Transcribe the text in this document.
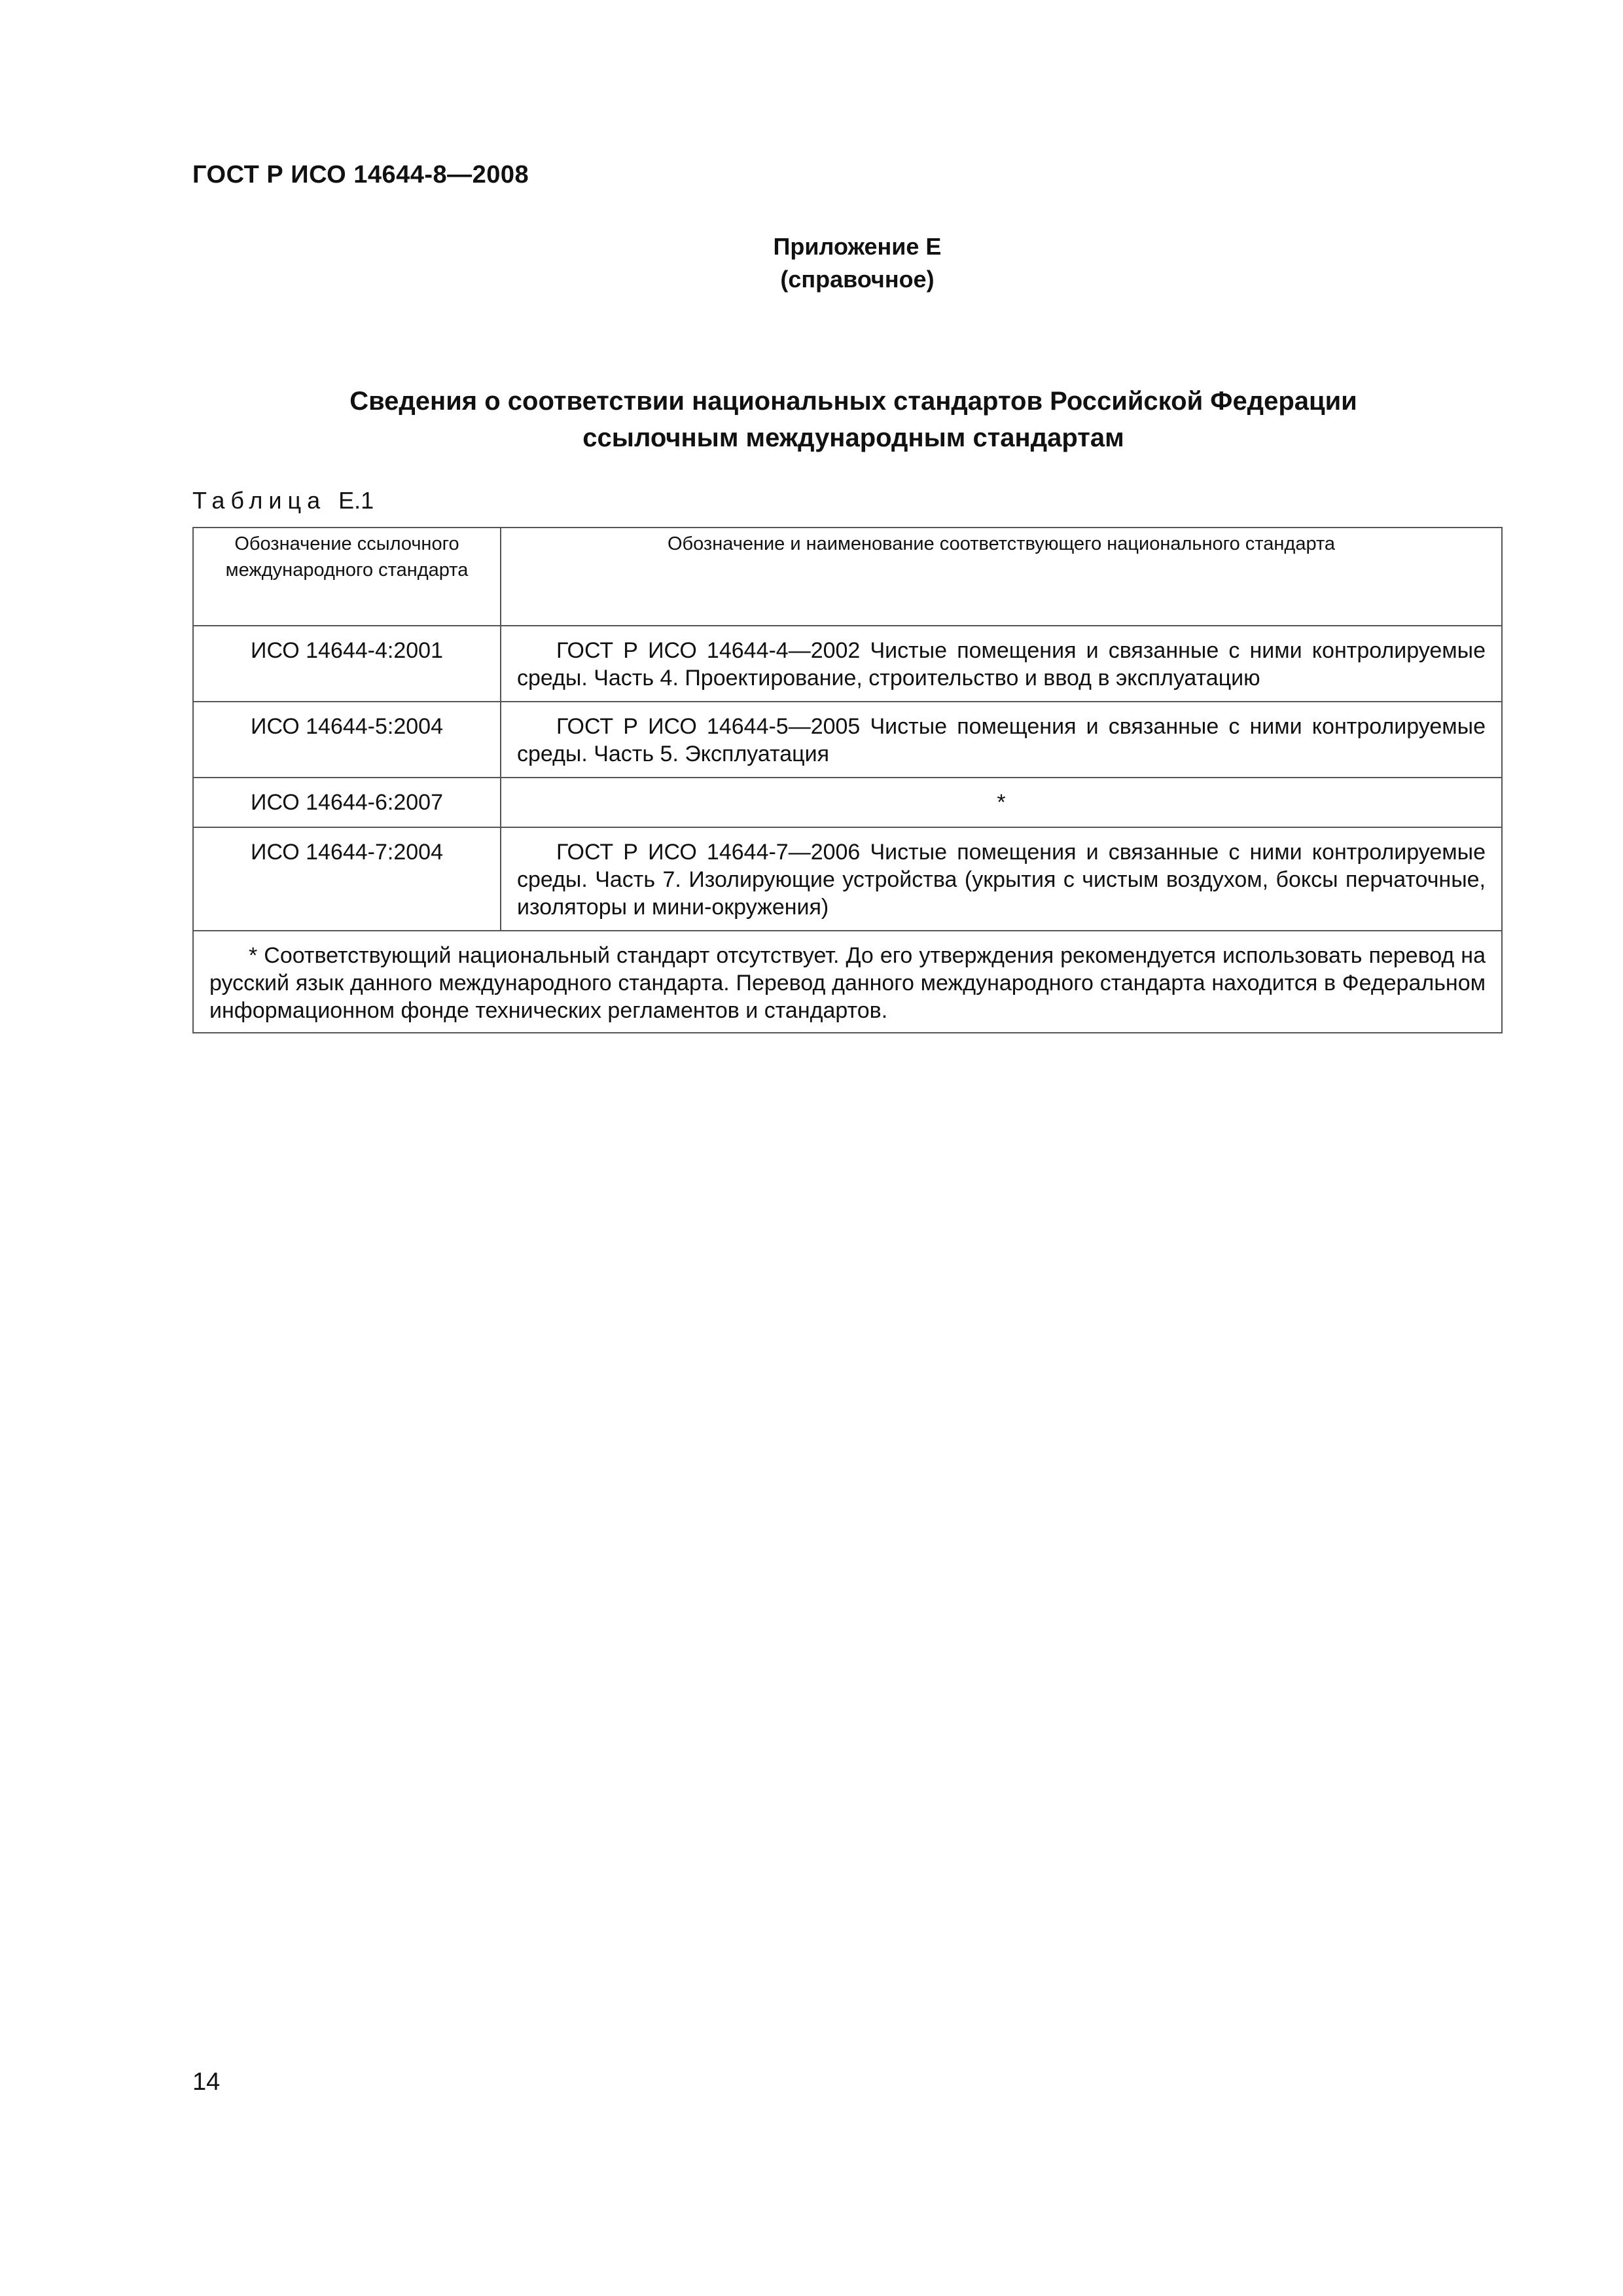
ГОСТ Р ИСО 14644-8—2008
Приложение Е
(справочное)
Сведения о соответствии национальных стандартов Российской Федерации
ссылочным международным стандартам
Таблица Е.1
Обозначение ссылочного международного стандарта	Обозначение и наименование соответствующего национального стандарта
ИСО 14644-4:2001	ГОСТ Р ИСО 14644-4—2002 Чистые помещения и связанные с ними контролируемые среды. Часть 4. Проектирование, строительство и ввод в эксплуатацию
ИСО 14644-5:2004	ГОСТ Р ИСО 14644-5—2005 Чистые помещения и связанные с ними контролируемые среды. Часть 5. Эксплуатация
ИСО 14644-6:2007	*
ИСО 14644-7:2004	ГОСТ Р ИСО 14644-7—2006 Чистые помещения и связанные с ними контролируемые среды. Часть 7. Изолирующие устройства (укрытия с чистым воздухом, боксы перчаточные, изоляторы и мини-окружения)
* Соответствующий национальный стандарт отсутствует. До его утверждения рекомендуется использовать перевод на русский язык данного международного стандарта. Перевод данного международного стандарта находится в Федеральном информационном фонде технических регламентов и стандартов.	
14
